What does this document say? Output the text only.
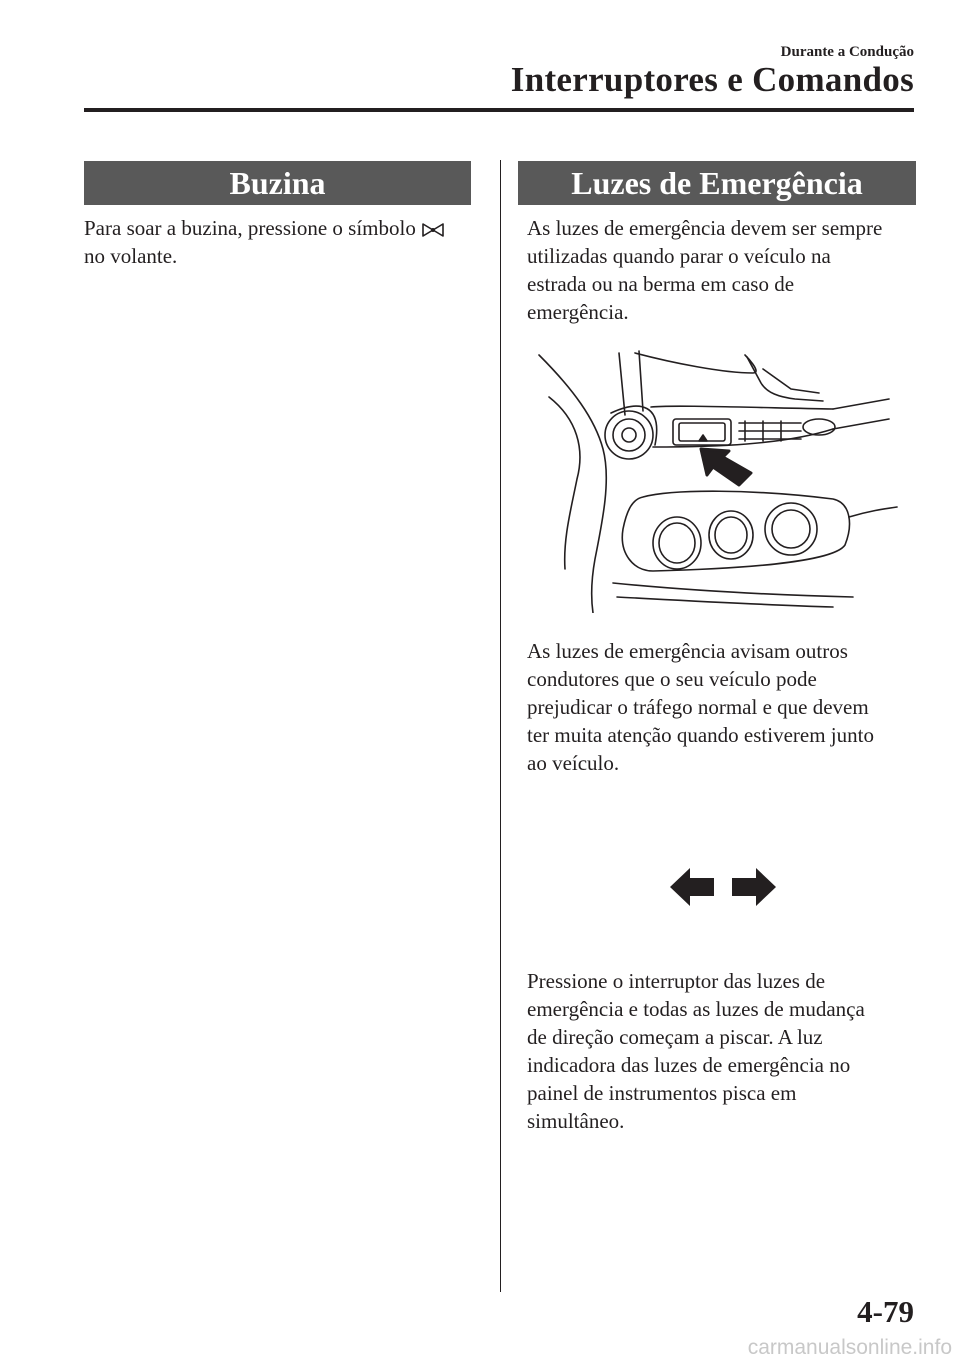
Durante a Condução
Interruptores e Comandos
Buzina

Para soar a buzina, pressione o símbolo
no volante.

Luzes de Emergência

As luzes de emergência devem ser sempre
utilizadas quando parar o veículo na
estrada ou na berma em caso de
emergência.

As luzes de emergência avisam outros
condutores que o seu veículo pode
prejudicar o tráfego normal e que devem
ter muita atenção quando estiverem junto
ao veículo.

Pressione o interruptor das luzes de
emergência e todas as luzes de mudança
de direção começam a piscar. A luz
indicadora das luzes de emergência no
painel de instrumentos pisca em
simultâneo.

4-79
carmanualsonline.info
